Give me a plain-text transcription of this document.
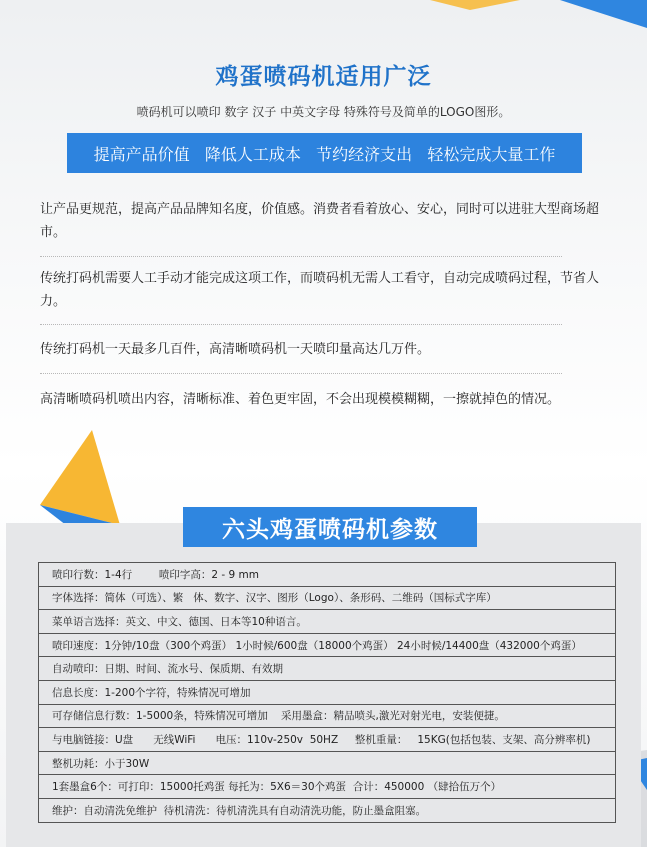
鸡蛋喷码机适用广泛
喷码机可以喷印 数字 汉子 中英文字母 特殊符号及简单的LOGO图形。
提高产品价值   降低人工成本   节约经济支出   轻松完成大量工作
让产品更规范，提高产品品牌知名度，价值感。消费者看着放心、安心，同时可以进驻大型商场超市。
传统打码机需要人工手动才能完成这项工作，而喷码机无需人工看守，自动完成喷码过程，节省人力。
传统打码机一天最多几百件，高清晰喷码机一天喷印量高达几万件。
高清晰喷码机喷出内容，清晰标准、着色更牢固，不会出现模模糊糊，一擦就掉色的情况。
六头鸡蛋喷码机参数
喷印行数：1-4行        喷印字高：2 - 9 mm
字体选择：简体（可选）、繁   体、数字、汉字、图形（Logo）、条形码、二维码（国标式字库）
菜单语言选择：英文、中文、德国、日本等10种语言。
喷印速度：1分钟/10盘（300个鸡蛋） 1小时候/600盘（18000个鸡蛋） 24小时候/14400盘（432000个鸡蛋）
自动喷印：日期、时间、流水号、保质期、有效期
信息长度：1-200个字符，特殊情况可增加
可存储信息行数：1-5000条，特殊情况可增加    采用墨盒：精品喷头,激光对射光电，安装便捷。
与电脑链接：U盘      无线WiFi      电压：110v-250v  50HZ     整机重量：   15KG(包括包装、支架、高分辨率机)
整机功耗：小于30W
1套墨盒6个：可打印：15000托鸡蛋 每托为：5X6＝30个鸡蛋  合计：450000 （肆拾伍万个）
维护：自动清洗免维护  待机清洗：待机清洗具有自动清洗功能，防止墨盒阻塞。
